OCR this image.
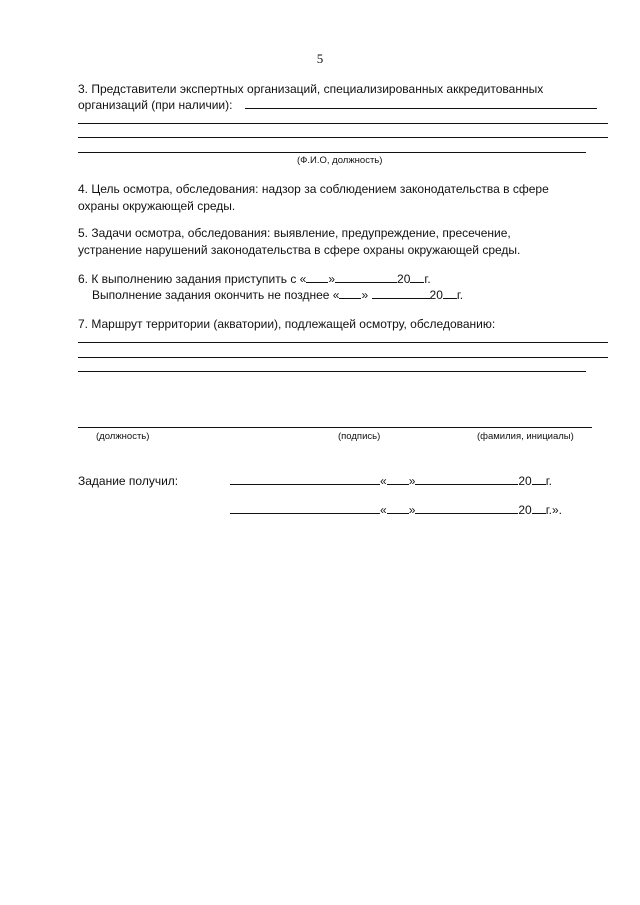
5
3. Представители экспертных организаций, специализированных аккредитованных
организаций (при наличии):
(Ф.И.О, должность)
4. Цель осмотра, обследования: надзор за соблюдением законодательства в сфере
охраны окружающей среды.
5. Задачи осмотра, обследования: выявление, предупреждение, пресечение,
устранение нарушений законодательства в сфере охраны окружающей среды.
6. К выполнению задания приступить с « »	20 г.
Выполнение задания окончить не позднее « »	20 г.
7. Маршрут территории (акватории), подлежащей осмотру, обследованию:
(должность)	(подпись)	(фамилия, инициалы)
Задание получил:	« »	20 г.
« »	20 г.».
